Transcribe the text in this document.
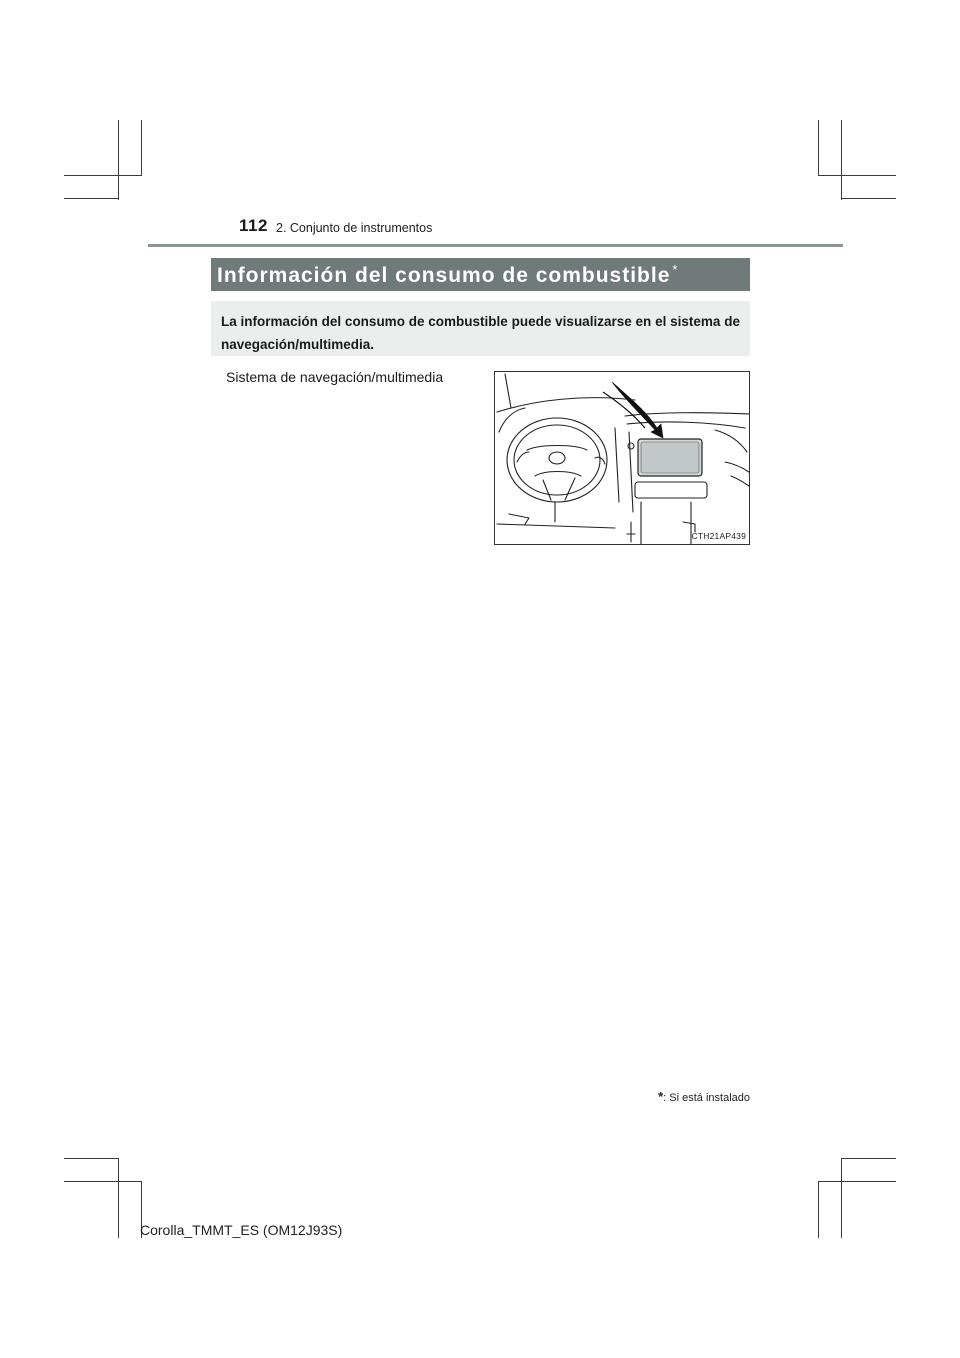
112 2. Conjunto de instrumentos
Información del consumo de combustible *
La información del consumo de combustible puede visualizarse en el sistema de navegación/multimedia.
Sistema de navegación/multimedia
CTH21AP439
*: Si está instalado
Corolla_TMMT_ES (OM12J93S)
